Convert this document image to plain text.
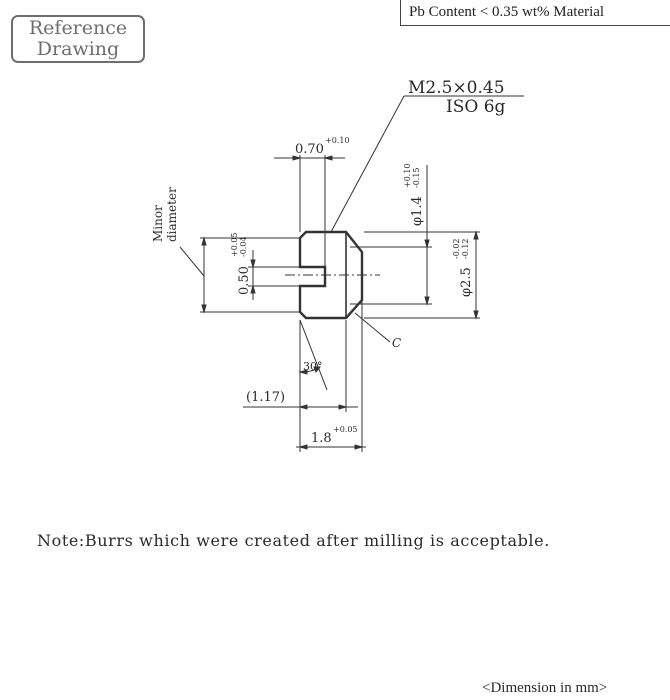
Reference
Drawing
Pb Content < 0.35 wt% Material
M2.5×0.45
ISO 6g
0.70
+0.10
φ1.4
+0.10 -0.15
φ2.5
-0.02 -0.12
0.50
+0.05 -0.04
Minor diameter
C
30°
(1.17)
1.8
+0.05
Note:Burrs which were created after milling is acceptable.
<Dimension in mm>
